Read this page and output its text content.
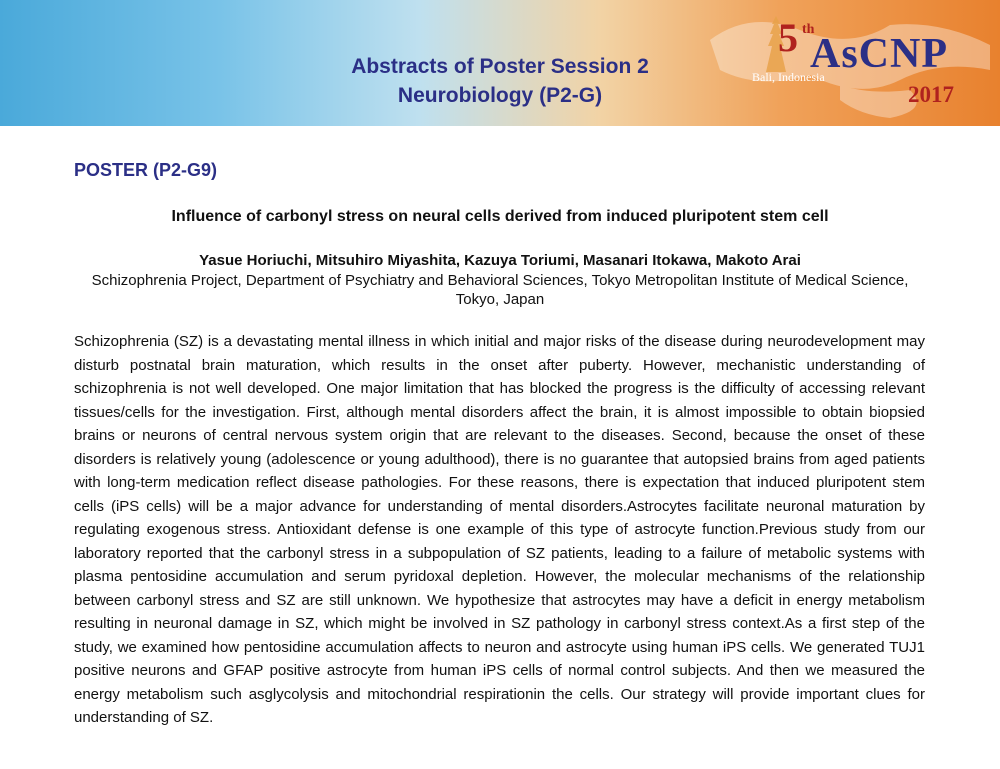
Abstracts of Poster Session 2
Neurobiology (P2-G)
5 th
AsCNP
Bali, Indonesia
2017
POSTER (P2-G9)
Influence of carbonyl stress on neural cells derived from induced pluripotent stem cell
Yasue Horiuchi, Mitsuhiro Miyashita, Kazuya Toriumi, Masanari Itokawa, Makoto Arai
Schizophrenia Project, Department of Psychiatry and Behavioral Sciences, Tokyo Metropolitan Institute of Medical Science, Tokyo, Japan

Schizophrenia (SZ) is a devastating mental illness in which initial and major risks of the disease during neurodevelopment may disturb postnatal brain maturation, which results in the onset after puberty. However, mechanistic understanding of schizophrenia is not well developed. One major limitation that has blocked the progress is the difficulty of accessing relevant tissues/cells for the investigation. First, although mental disorders affect the brain, it is almost impossible to obtain biopsied brains or neurons of central nervous system origin that are relevant to the diseases. Second, because the onset of these disorders is relatively young (adolescence or young adulthood), there is no guarantee that autopsied brains from aged patients with long-term medication reflect disease pathologies. For these reasons, there is expectation that induced pluripotent stem cells (iPS cells) will be a major advance for understanding of mental disorders.Astrocytes facilitate neuronal maturation by regulating exogenous stress. Antioxidant defense is one example of this type of astrocyte function.Previous study from our laboratory reported that the carbonyl stress in a subpopulation of SZ patients, leading to a failure of metabolic systems with plasma pentosidine accumulation and serum pyridoxal depletion. However, the molecular mechanisms of the relationship between carbonyl stress and SZ are still unknown. We hypothesize that astrocytes may have a deficit in energy metabolism resulting in neuronal damage in SZ, which might be involved in SZ pathology in carbonyl stress context.As a first step of the study, we examined how pentosidine accumulation affects to neuron and astrocyte using human iPS cells. We generated TUJ1 positive neurons and GFAP positive astrocyte from human iPS cells of normal control subjects. And then we measured the energy metabolism such asglycolysis and mitochondrial respirationin the cells. Our strategy will provide important clues for understanding of SZ.
